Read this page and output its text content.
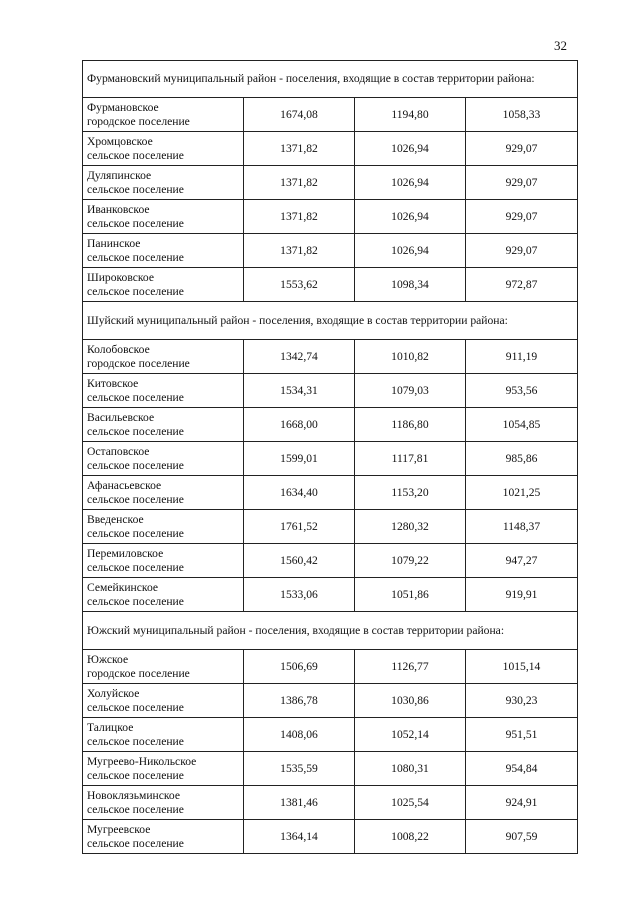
32
Фурмановский муниципальный район - поселения, входящие в состав территории района:			

Фурмановское
городское поселение	1674,08	1194,80	1058,33

Хромцовское
сельское поселение	1371,82	1026,94	929,07

Дуляпинское
сельское поселение	1371,82	1026,94	929,07

Иванковское
сельское поселение	1371,82	1026,94	929,07

Панинское
сельское поселение	1371,82	1026,94	929,07

Широковское
сельское поселение	1553,62	1098,34	972,87
Шуйский муниципальный район - поселения, входящие в состав территории района:			

Колобовское
городское поселение	1342,74	1010,82	911,19

Китовское
сельское поселение	1534,31	1079,03	953,56

Васильевское
сельское поселение	1668,00	1186,80	1054,85

Остаповское
сельское поселение	1599,01	1117,81	985,86

Афанасьевское
сельское поселение	1634,40	1153,20	1021,25

Введенское
сельское поселение	1761,52	1280,32	1148,37

Перемиловское
сельское поселение	1560,42	1079,22	947,27

Семейкинское
сельское поселение	1533,06	1051,86	919,91
Южский муниципальный район - поселения, входящие в состав территории района:			

Южское
городское поселение	1506,69	1126,77	1015,14

Холуйское
сельское поселение	1386,78	1030,86	930,23

Талицкое
сельское поселение	1408,06	1052,14	951,51

Мугреево-Никольское
сельское поселение	1535,59	1080,31	954,84

Новоклязьминское
сельское поселение	1381,46	1025,54	924,91

Мугреевское
сельское поселение	1364,14	1008,22	907,59
